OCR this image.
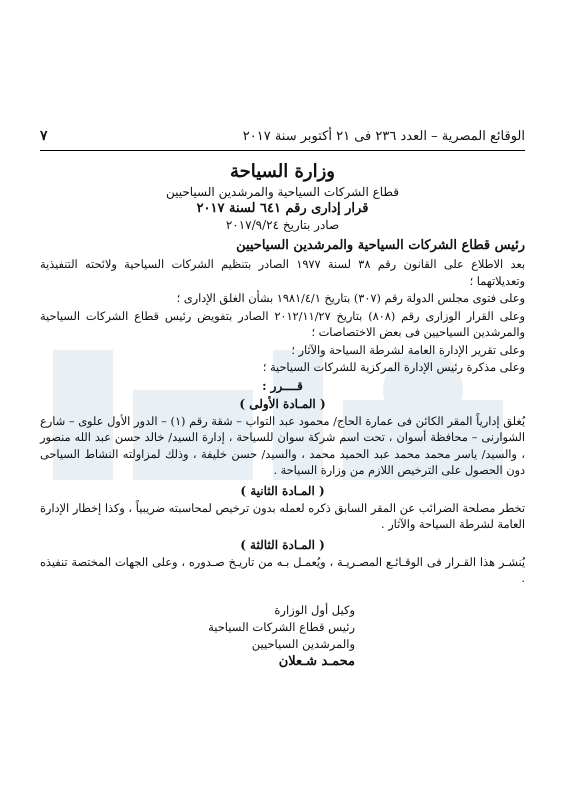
الوقائع المصرية – العدد ٢٣٦ فى ٢١ أكتوبر سنة ٢٠١٧
٧
وزارة السياحة
قطاع الشركات السياحية والمرشدين السياحيين
قرار إدارى رقم ٦٤١ لسنة ٢٠١٧
صادر بتاريخ ٢٠١٧/٩/٢٤
رئيس قطاع الشركات السياحية والمرشدين السياحيين

بعد الاطلاع على القانون رقم ٣٨ لسنة ١٩٧٧ الصادر بتنظيم الشركات السياحية ولائحته التنفيذية وتعديلاتهما ؛

وعلى فتوى مجلس الدولة رقم (٣٠٧) بتاريخ ١٩٨١/٤/١ بشأن الغلق الإدارى ؛

وعلى القرار الوزارى رقم (٨٠٨) بتاريخ ٢٠١٢/١١/٢٧ الصادر بتفويض رئيس قطاع الشركات السياحية والمرشدين السياحيين فى بعض الاختصاصات ؛

وعلى تقرير الإدارة العامة لشرطة السياحة والآثار ؛

وعلى مذكرة رئيس الإدارة المركزية للشركات السياحية ؛

قــــرر :
( المـادة الأولى )

يُغلق إدارياً المقر الكائن فى عمارة الحاج/ محمود عبد التواب – شقة رقم (١) – الدور الأول علوى – شارع الشوارنى – محافظة أسوان ، تحت اسم شركة سوان للسياحة ، إدارة السيد/ خالد حسن عبد الله منصور ، والسيد/ ياسر محمد محمد عبد الحميد محمد ، والسيد/ حسن خليفة ، وذلك لمزاولته النشاط السياحى دون الحصول على الترخيص اللازم من وزارة السياحة .

( المـادة الثانية )

تخطر مصلحة الضرائب عن المقر السابق ذكره لعمله بدون ترخيص لمحاسبته ضريبياً ، وكذا إخطار الإدارة العامة لشرطة السياحة والآثار .

( المـادة الثالثة )

يُنشـر هذا القـرار فى الوقـائـع المصـريـة ، ويُعمـل بـه من تاريـخ صـدوره ، وعلى الجهات المختصة تنفيذه .

وكيل أول الوزارة
رئيس قطاع الشركات السياحية
والمرشدين السياحيين
محمـد شـعلان
